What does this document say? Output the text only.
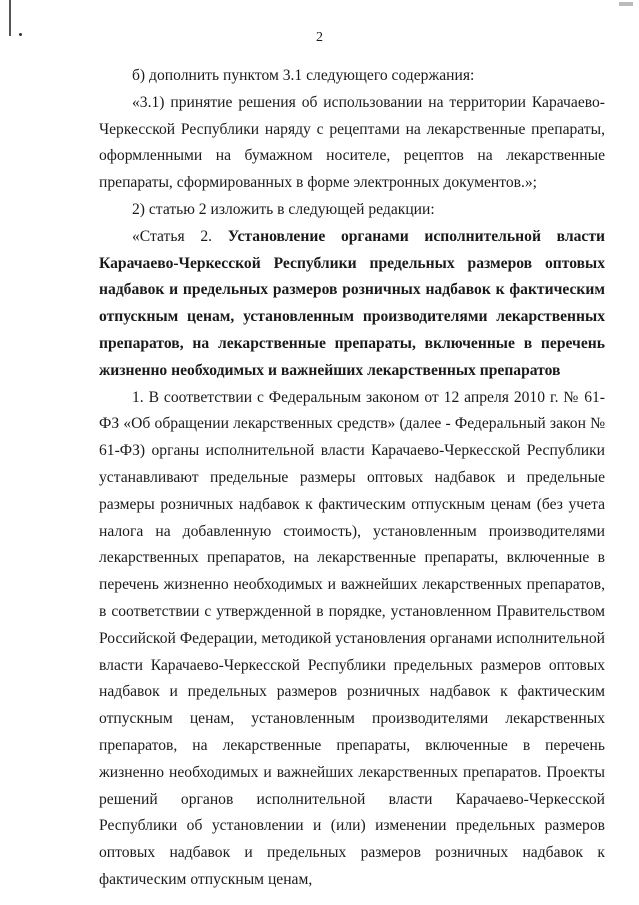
2

б) дополнить пунктом 3.1 следующего содержания:

«3.1) принятие решения об использовании на территории Карачаево-Черкесской Республики наряду с рецептами на лекарственные препараты, оформленными на бумажном носителе, рецептов на лекарственные препараты, сформированных в форме электронных документов.»;

2) статью 2 изложить в следующей редакции:

«Статья 2. Установление органами исполнительной власти Карачаево-Черкесской Республики предельных размеров оптовых надбавок и предельных размеров розничных надбавок к фактическим отпускным ценам, установленным производителями лекарственных препаратов, на лекарственные препараты, включенные в перечень жизненно необходимых и важнейших лекарственных препаратов

1. В соответствии с Федеральным законом от 12 апреля 2010 г. № 61-ФЗ «Об обращении лекарственных средств» (далее - Федеральный закон № 61-ФЗ) органы исполнительной власти Карачаево-Черкесской Республики устанавливают предельные размеры оптовых надбавок и предельные размеры розничных надбавок к фактическим отпускным ценам (без учета налога на добавленную стоимость), установленным производителями лекарственных препаратов, на лекарственные препараты, включенные в перечень жизненно необходимых и важнейших лекарственных препаратов, в соответствии с утвержденной в порядке, установленном Правительством Российской Федерации, методикой установления органами исполнительной власти Карачаево-Черкесской Республики предельных размеров оптовых надбавок и предельных размеров розничных надбавок к фактическим отпускным ценам, установленным производителями лекарственных препаратов, на лекарственные препараты, включенные в перечень жизненно необходимых и важнейших лекарственных препаратов. Проекты решений органов исполнительной власти Карачаево-Черкесской Республики об установлении и (или) изменении предельных размеров оптовых надбавок и предельных размеров розничных надбавок к фактическим отпускным ценам,
